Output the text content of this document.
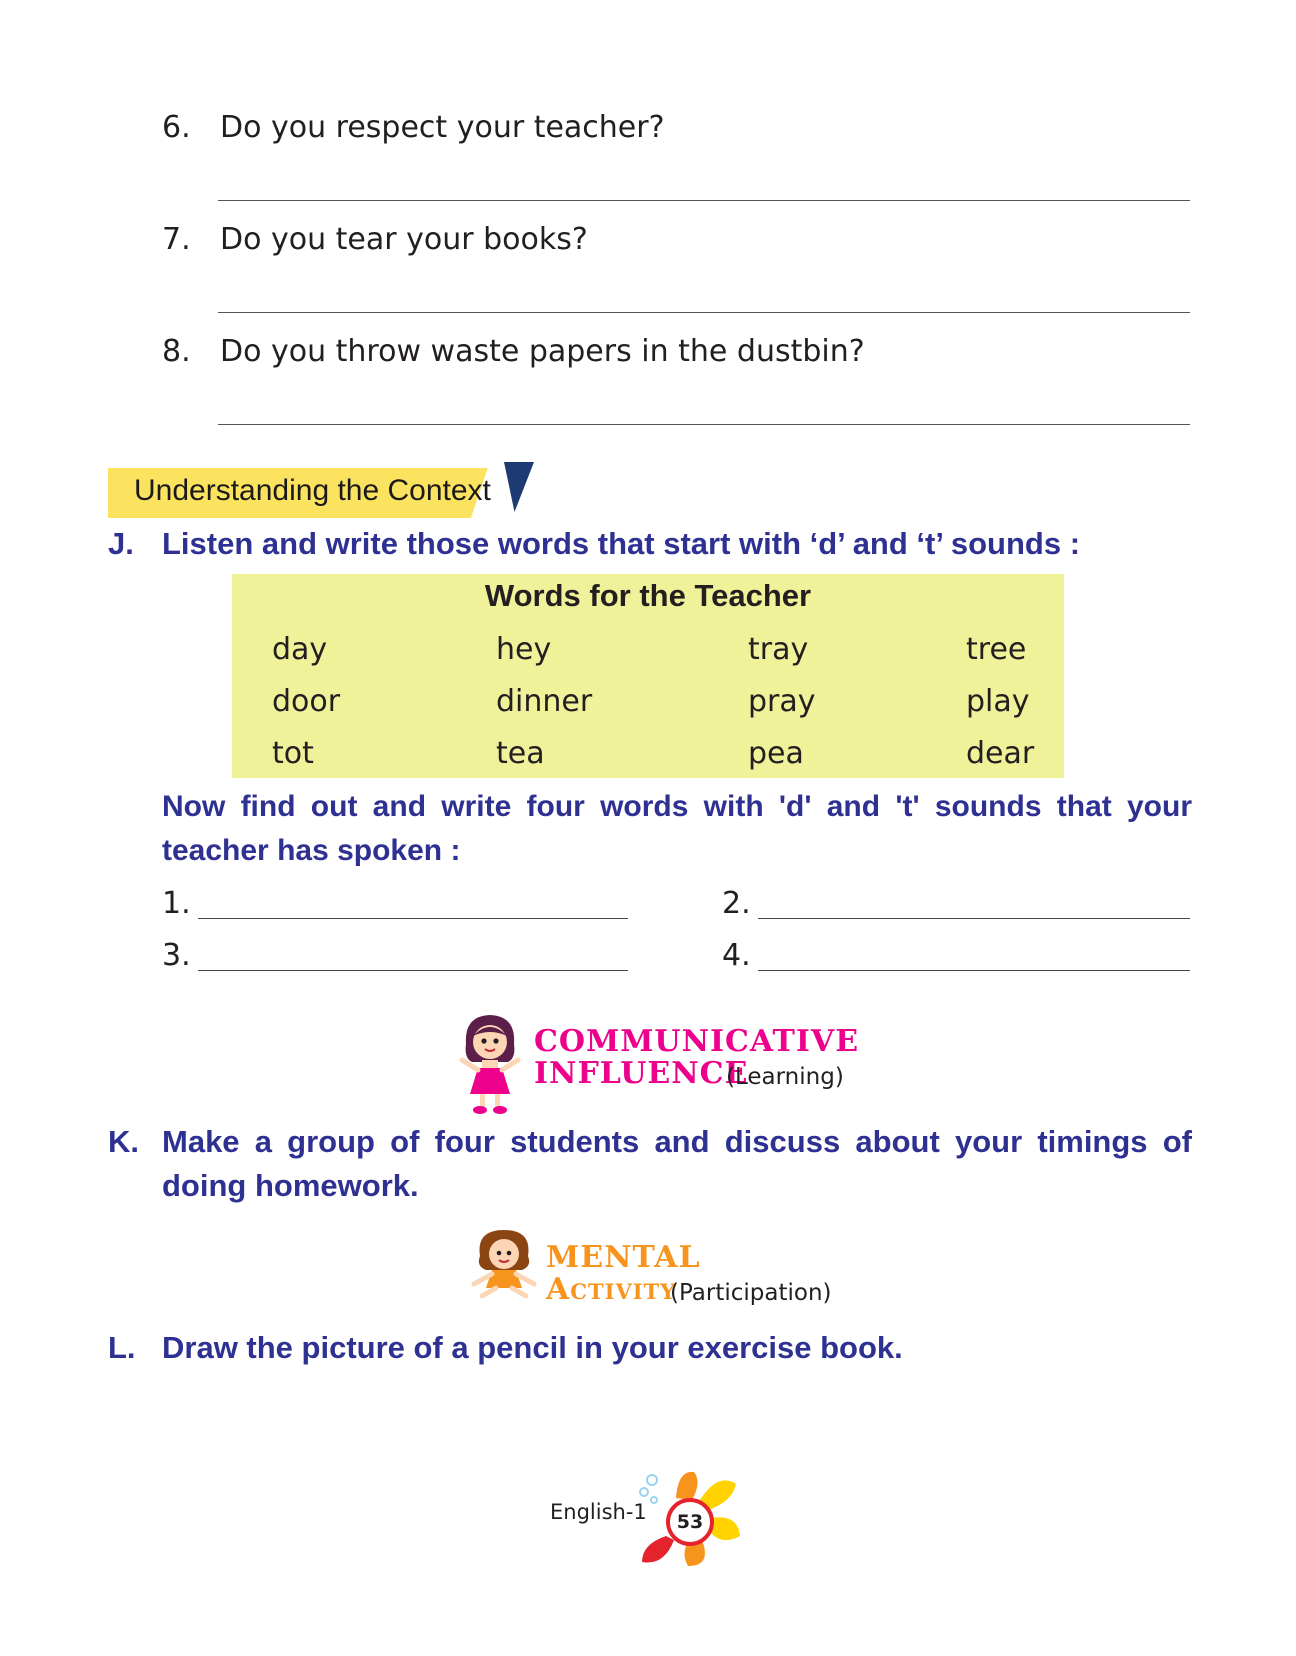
6. Do you respect your teacher?
7. Do you tear your books?
8. Do you throw waste papers in the dustbin?
Understanding the Context
J. Listen and write those words that start with ‘d’ and ‘t’ sounds :
Words for the Teacher
day	hey	tray	tree
door	dinner	pray	play
tot	tea	pea	dear
Now find out and write four words with 'd' and 't' sounds that your
teacher has spoken :
1.	2.
3.	4.
COMMUNICATIVE
INFLUENCE
(Learning)
K. Make a group of four students and discuss about your timings of
doing homework.
MENTAL
Activity
(Participation)
L. Draw the picture of a pencil in your exercise book.
English-1	53
